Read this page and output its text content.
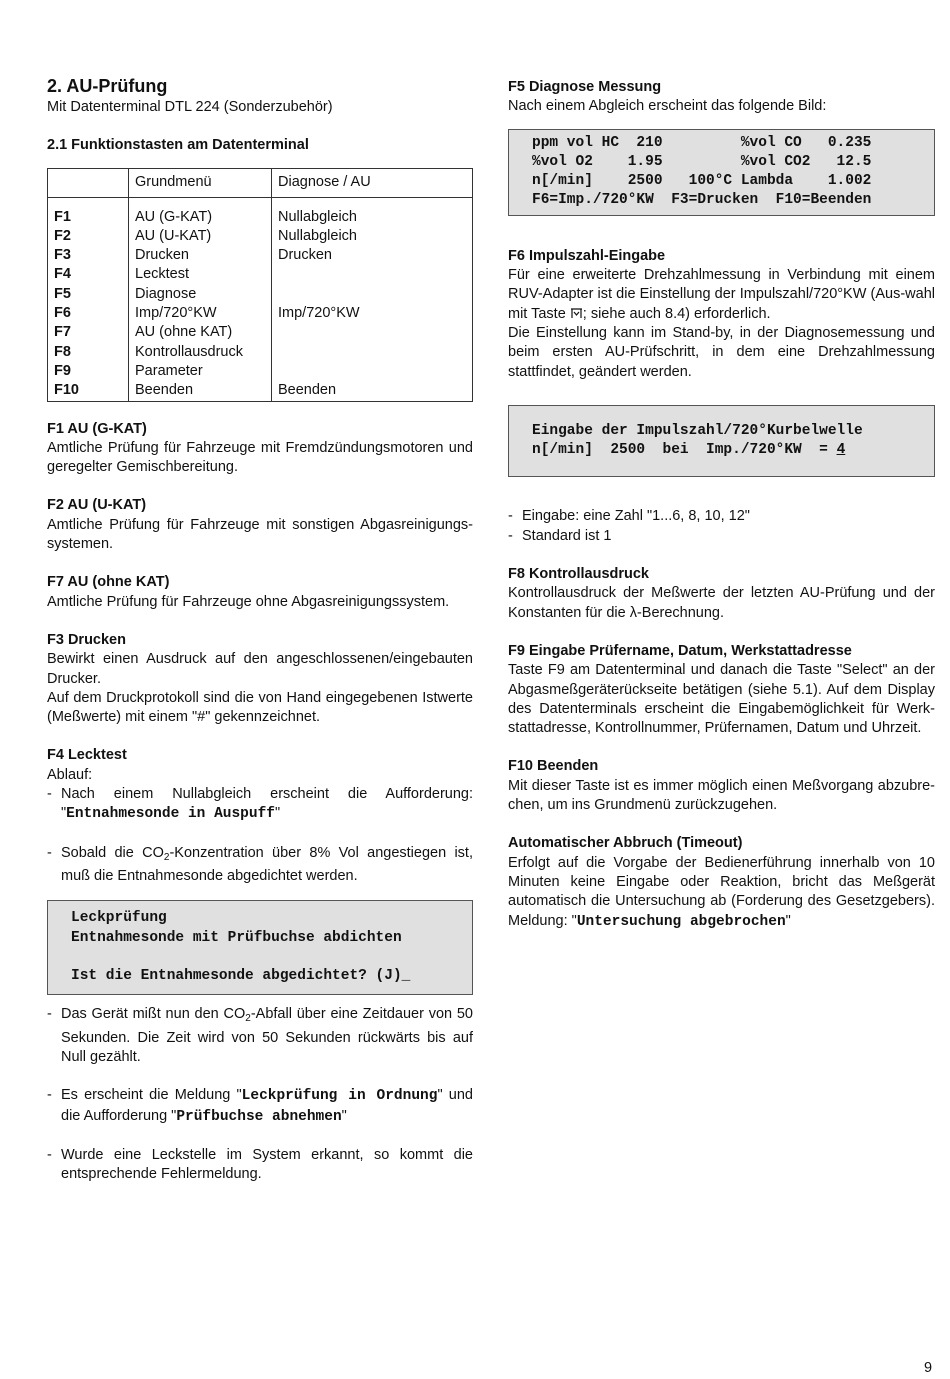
2. AU-Prüfung

Mit Datenterminal DTL 224 (Sonderzubehör)

2.1 Funktionstasten am Datenterminal
	Grundmenü	Diagnose / AU

F1	AU (G-KAT)	Nullabgleich
F2	AU (U-KAT)	Nullabgleich
F3	Drucken	Drucken
F4	Lecktest	
F5	Diagnose	
F6	Imp/720°KW	Imp/720°KW
F7	AU (ohne KAT)	
F8	Kontrollausdruck	
F9	Parameter	
F10	Beenden	Beenden
F1 AU (G-KAT)

Amtliche Prüfung für Fahrzeuge mit Fremdzündungsmotoren und geregelter Gemischbereitung.

F2 AU (U-KAT)

Amtliche Prüfung für Fahrzeuge mit sonstigen Abgasreinigungs-systemen.

F7 AU (ohne KAT)

Amtliche Prüfung für Fahrzeuge ohne Abgasreinigungssystem.

F3 Drucken

Bewirkt einen Ausdruck auf den angeschlossenen/eingebauten Drucker.

Auf dem Druckprotokoll sind die von Hand eingegebenen Istwerte (Meßwerte) mit einem "#" gekennzeichnet.

F4 Lecktest

Ablauf:

- Nach einem Nullabgleich erscheint die Aufforderung: "Entnahmesonde in Auspuff"
- Sobald die $CO_2$-Konzentration über 8% Vol angestiegen ist, muß die Entnahmesonde abgedichtet werden.
Leckprüfung
Entnahmesonde mit Prüfbuchse abdichten
Ist die Entnahmesonde abgedichtet? (J)_
- Das Gerät mißt nun den $CO_2$-Abfall über eine Zeitdauer von 50 Sekunden. Die Zeit wird von 50 Sekunden rückwärts bis auf Null gezählt.
- Es erscheint die Meldung "Leckprüfung in Ordnung" und die Aufforderung "Prüfbuchse abnehmen"
- Wurde eine Leckstelle im System erkannt, so kommt die entsprechende Fehlermeldung.
F5 Diagnose Messung

Nach einem Abgleich erscheint das folgende Bild:

ppm vol HC  210         %vol CO   0.235
%vol O2    1.95         %vol CO2   12.5
n[/min]    2500   100°C Lambda    1.002
F6=Imp./720°KW  F3=Drucken  F10=Beenden
F6 Impulszahl-Eingabe

Für eine erweiterte Drehzahlmessung in Verbindung mit einem RUV-Adapter ist die Einstellung der Impulszahl/720°KW (Aus-wahl mit Taste ; siehe auch 8.4) erforderlich.

Die Einstellung kann im Stand-by, in der Diagnosemessung und beim ersten AU-Prüfschritt, in dem eine Drehzahlmessung stattfindet, geändert werden.

Eingabe der Impulszahl/720°Kurbelwelle
n[/min]  2500  bei  Imp./720°KW  = 4
- Eingabe: eine Zahl "1...6, 8, 10, 12"
- Standard ist 1
F8 Kontrollausdruck

Kontrollausdruck der Meßwerte der letzten AU-Prüfung und der Konstanten für die λ-Berechnung.

F9 Eingabe Prüfername, Datum, Werkstattadresse

Taste F9 am Datenterminal und danach die Taste "Select" an der Abgasmeßgeräterückseite betätigen (siehe 5.1). Auf dem Display des Datenterminals erscheint die Eingabemöglichkeit für Werk-stattadresse, Kontrollnummer, Prüfernamen, Datum und Uhrzeit.

F10 Beenden

Mit dieser Taste ist es immer möglich einen Meßvorgang abzubre-chen, um ins Grundmenü zurückzugehen.

Automatischer Abbruch (Timeout)

Erfolgt auf die Vorgabe der Bedienerführung innerhalb von 10 Minuten keine Eingabe oder Reaktion, bricht das Meßgerät automatisch die Untersuchung ab (Forderung des Gesetzgebers). Meldung: "Untersuchung abgebrochen"

9
